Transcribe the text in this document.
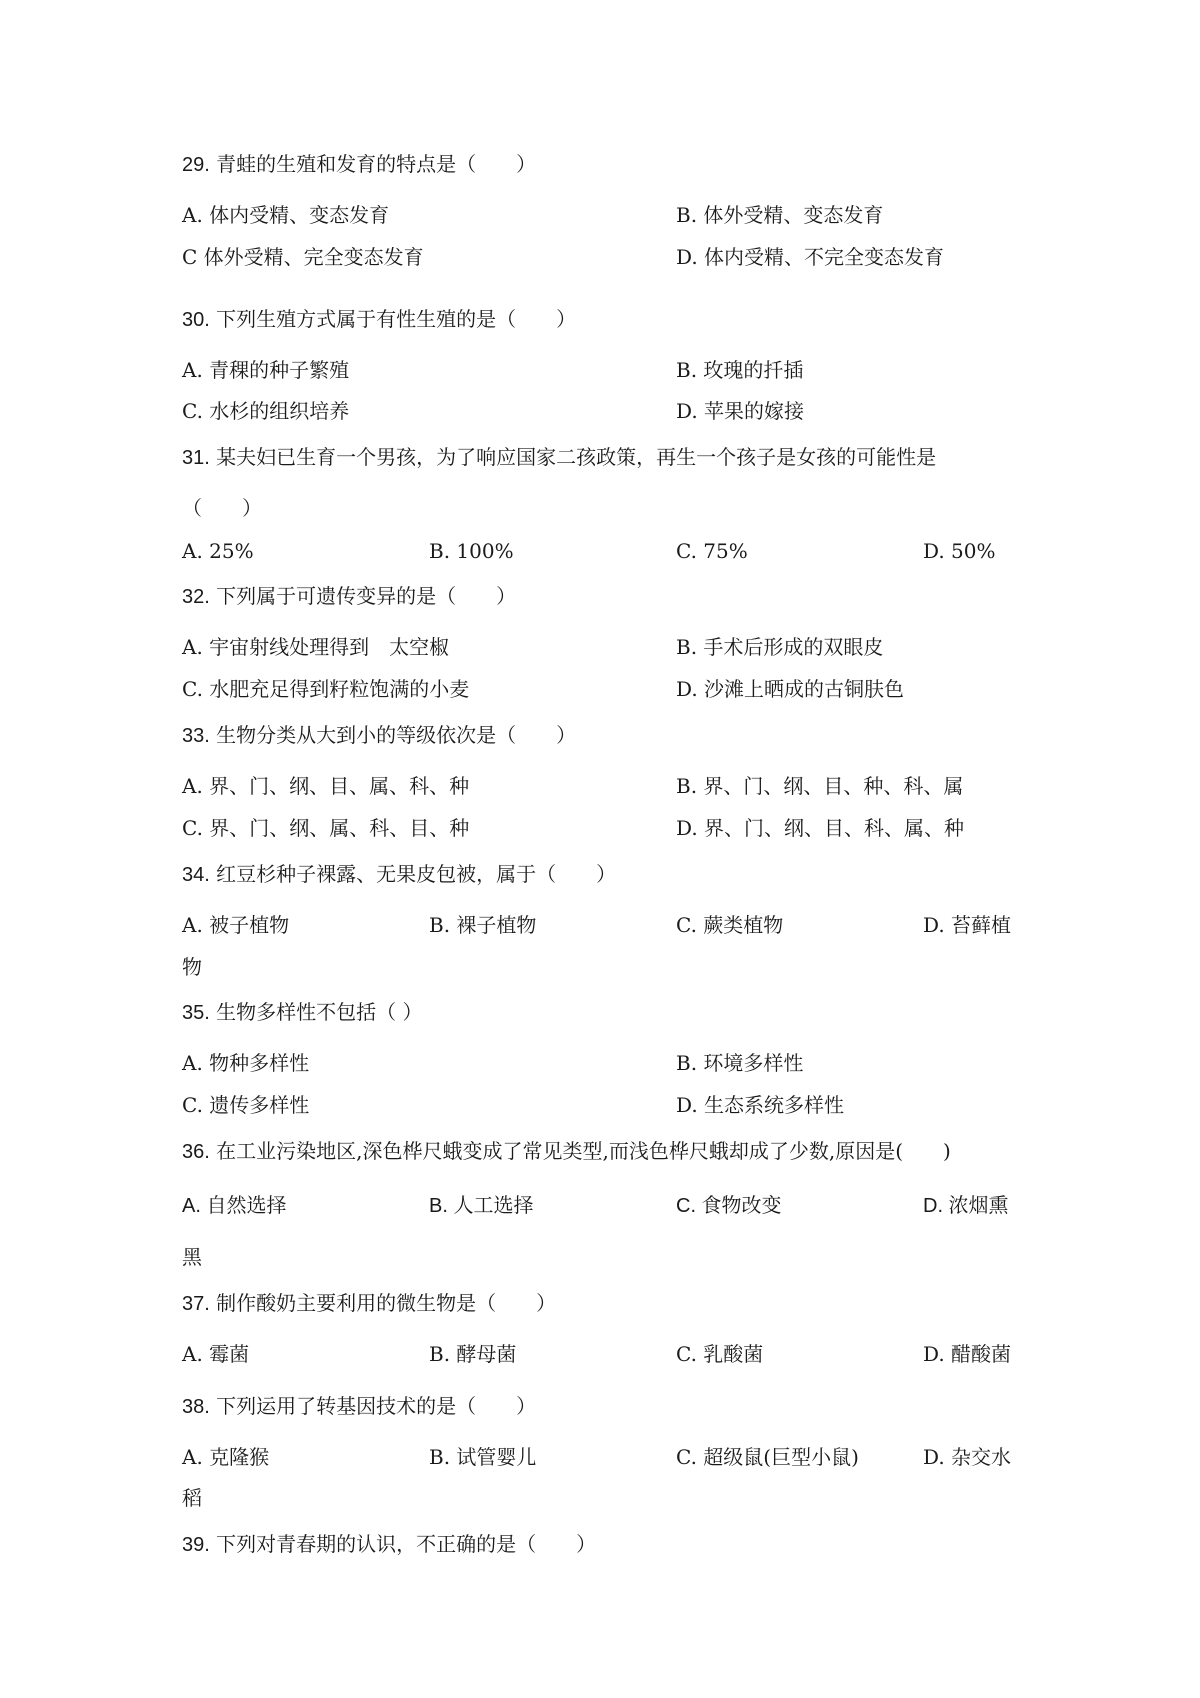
29. 青蛙的生殖和发育的特点是（　　）
A. 体内受精、变态发育	B. 体外受精、变态发育
C 体外受精、完全变态发育	D. 体内受精、不完全变态发育
30. 下列生殖方式属于有性生殖的是（　　）
A. 青稞的种子繁殖	B. 玫瑰的扦插
C. 水杉的组织培养	D. 苹果的嫁接
31. 某夫妇已生育一个男孩，为了响应国家二孩政策，再生一个孩子是女孩的可能性是
（　　）
A. 25%	B. 100%	C. 75%	D. 50%
32. 下列属于可遗传变异的是（　　）
A. 宇宙射线处理得到　太空椒	B. 手术后形成的双眼皮
C. 水肥充足得到籽粒饱满的小麦	D. 沙滩上晒成的古铜肤色
33. 生物分类从大到小的等级依次是（　　）
A. 界、门、纲、目、属、科、种	B. 界、门、纲、目、种、科、属
C. 界、门、纲、属、科、目、种	D. 界、门、纲、目、科、属、种
34. 红豆杉种子裸露、无果皮包被，属于（　　）
A. 被子植物	B. 裸子植物	C. 蕨类植物	D. 苔藓植
物
35. 生物多样性不包括（ ）
A. 物种多样性	B. 环境多样性
C. 遗传多样性	D. 生态系统多样性
36. 在工业污染地区,深色桦尺蛾变成了常见类型,而浅色桦尺蛾却成了少数,原因是(　　)
A. 自然选择	B. 人工选择	C. 食物改变	D. 浓烟熏
黑
37. 制作酸奶主要利用的微生物是（　　）
A. 霉菌	B. 酵母菌	C. 乳酸菌	D. 醋酸菌
38. 下列运用了转基因技术的是（　　）
A. 克隆猴	B. 试管婴儿	C. 超级鼠(巨型小鼠)	D. 杂交水
稻
39. 下列对青春期的认识，不正确的是（　　）
